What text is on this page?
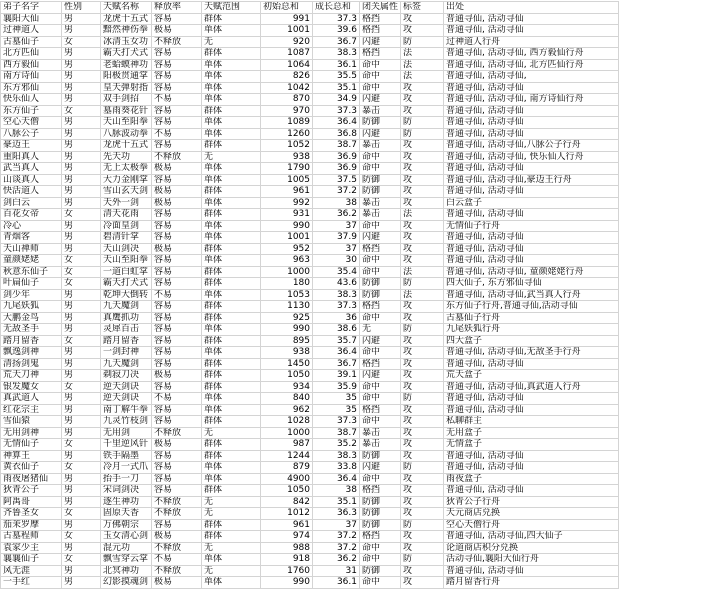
弟子名字	性别	天赋名称	释放率	天赋范围	初始总和	成长总和	闭关属性	标签	出处
襄阳大仙	男	龙虎十五式	容易	群体	991	37.3	格挡	攻	普通寻仙, 活动寻仙
过神道人	男	黯然神伤拳	极易	单体	1001	39.6	格挡	攻	普通寻仙, 活动寻仙
古墓仙子	女	冰清玉女功	不释放	无	920	36.7	闪避	防	过神道人行舟
北方匹仙	男	霸天打犬式	容易	群体	1087	38.3	格挡	法	普通寻仙, 活动寻仙, 西方毅仙行舟
西方毅仙	男	老蛤蟆神功	容易	单体	1064	36.1	命中	法	普通寻仙, 活动寻仙, 北方匹仙行舟
南方诗仙	男	阳极贯通掌	容易	单体	826	35.5	命中	法	普通寻仙, 活动寻仙,
东方邪仙	男	皇天弹射指	容易	单体	1042	35.1	命中	攻	普通寻仙, 活动寻仙
快乐仙人	男	双手剑招	不易	单体	870	34.9	闪避	攻	普通寻仙, 活动寻仙, 南方诗仙行舟
东方仙子	女	墓雨葵花针	容易	群体	970	37.3	暴击	攻	普通寻仙, 活动寻仙
空心天僧	男	天山至阳拳	容易	单体	1089	36.4	防御	防	普通寻仙, 活动寻仙
八脉公子	男	八脉波动拳	不易	单体	1260	36.8	闪避	防	普通寻仙, 活动寻仙
豪迈王	男	龙虎十五式	容易	群体	1052	38.7	暴击	攻	普通寻仙, 活动寻仙,八脉公子行舟
重阳真人	男	先天功	不释放	无	938	36.9	命中	攻	普通寻仙, 活动寻仙, 快乐仙人行舟
武当真人	男	无上太极拳	极易	单体	1790	36.9	命中	攻	普通寻仙, 活动寻仙
山谈真人	男	大力金刚掌	容易	单体	1005	37.5	防御	攻	普通寻仙, 活动寻仙,豪迈王行舟
快活道人	男	雪山玄天剑	极易	群体	961	37.2	防御	攻	普通寻仙, 活动寻仙
剑白云	男	天外一剑	极易	单体	992	38	暴击	攻	白云盒子
百花女帝	女	清天花雨	容易	群体	931	36.2	暴击	法	普通寻仙, 活动寻仙
冷心	男	冷面皇剑	容易	单体	990	37	命中	攻	无情仙子行舟
青烟客	男	碧清针掌	容易	单体	1001	37.9	闪避	攻	普通寻仙, 活动寻仙
天山禅师	男	天山剑决	极易	群体	952	37	格挡	攻	普通寻仙, 活动寻仙
童颜姥姥	女	天山至阳拳	容易	单体	963	30	命中	攻	普通寻仙, 活动寻仙
秋意东仙子	女	一道白虹掌	容易	群体	1000	35.4	命中	法	普通寻仙, 活动寻仙, 童颜姥姥行舟
叶扁仙子	女	霸天打犬式	容易	群体	180	43.6	防御	防	四大仙子, 东方邪仙寻仙
剑少年	男	乾坤大倒转	不易	单体	1053	38.3	防御	法	普通寻仙, 活动寻仙,武当真人行舟
九尾妖狐	男	九天魔剑	容易	群体	1130	37.3	格挡	攻	东方仙子行舟,普通寻仙,活动寻仙
大鹏金鸟	男	真鹰抓功	容易	群体	925	36	命中	攻	古墓仙子行舟
无敌圣手	男	灵犀百击	容易	单体	990	38.6	无	防	九尾妖狐行舟
踏月留香	女	踏月留香	容易	群体	895	35.7	闪避	攻	四大盒子
飘逸剑神	男	一剑封神	容易	单体	938	36.4	命中	攻	普通寻仙, 活动寻仙,无敌圣手行舟
清扬剑鬼	男	九天魔剑	容易	群体	1450	36.7	格挡	攻	普通寻仙, 活动寻仙
荒天刀神	男	剃寂刀决	极易	群体	1050	39.1	闪避	攻	荒天盒子
银发魔女	女	逆天剑诀	容易	群体	934	35.9	命中	攻	普通寻仙, 活动寻仙,真武道人行舟
真武道人	男	逆天剑诀	不易	单体	840	35	命中	防	普通寻仙, 活动寻仙
红花宗主	男	南丁解牛拳	容易	单体	962	35	格挡	攻	普通寻仙, 活动寻仙
雪仙猿	男	九灵竹枝剑	容易	群体	1028	37.3	命中	攻	私聊群主
无用剑神	男	无用剑	不释放	无	1000	38.7	暴击	攻	无用盒子
无情仙子	女	千里逆风针	极易	群体	987	35.2	暴击	攻	无情盒子
神算王	男	铁手隔墨	容易	群体	1244	38.3	防御	攻	普通寻仙, 活动寻仙
黄衣仙子	女	冷月一式爪	容易	单体	879	33.8	闪避	防	普通寻仙, 活动寻仙
雨夜屠猪仙	男	抬手一刀	容易	单体	4900	36.4	命中	攻	雨夜盒子
狄青公子	男	宋词剑决	容易	群体	1050	38	格挡	攻	普通寻仙, 活动寻仙
阿禹哥	男	逐生神功	不释放	无	842	35.1	防御	攻	狄青公子行舟
齐鲁圣女	女	固原天香	不释放	无	1012	36.3	防御	攻	天元商店兑换
茄茉罗摩	男	万佛朝宗	容易	群体	961	37	防御	防	空心天僧行舟
古墓程师	女	玉女清心剑	极易	群体	974	37.2	格挡	攻	普通寻仙, 活动寻仙,四大仙子
袁家少主	男	混元功	不释放	无	988	37.2	命中	攻	论道商店积分兑换
襄襄仙子	女	飘雪穿云掌	不易	单体	918	36.2	命中	防	活动寻仙,襄阳大仙行舟
风无涯	男	北冥神功	不释放	无	1760	31	防御	攻	普通寻仙, 活动寻仙
一手红	男	幻影摸魂剑	极易	单体	990	36.1	命中	攻	踏月留香行舟
